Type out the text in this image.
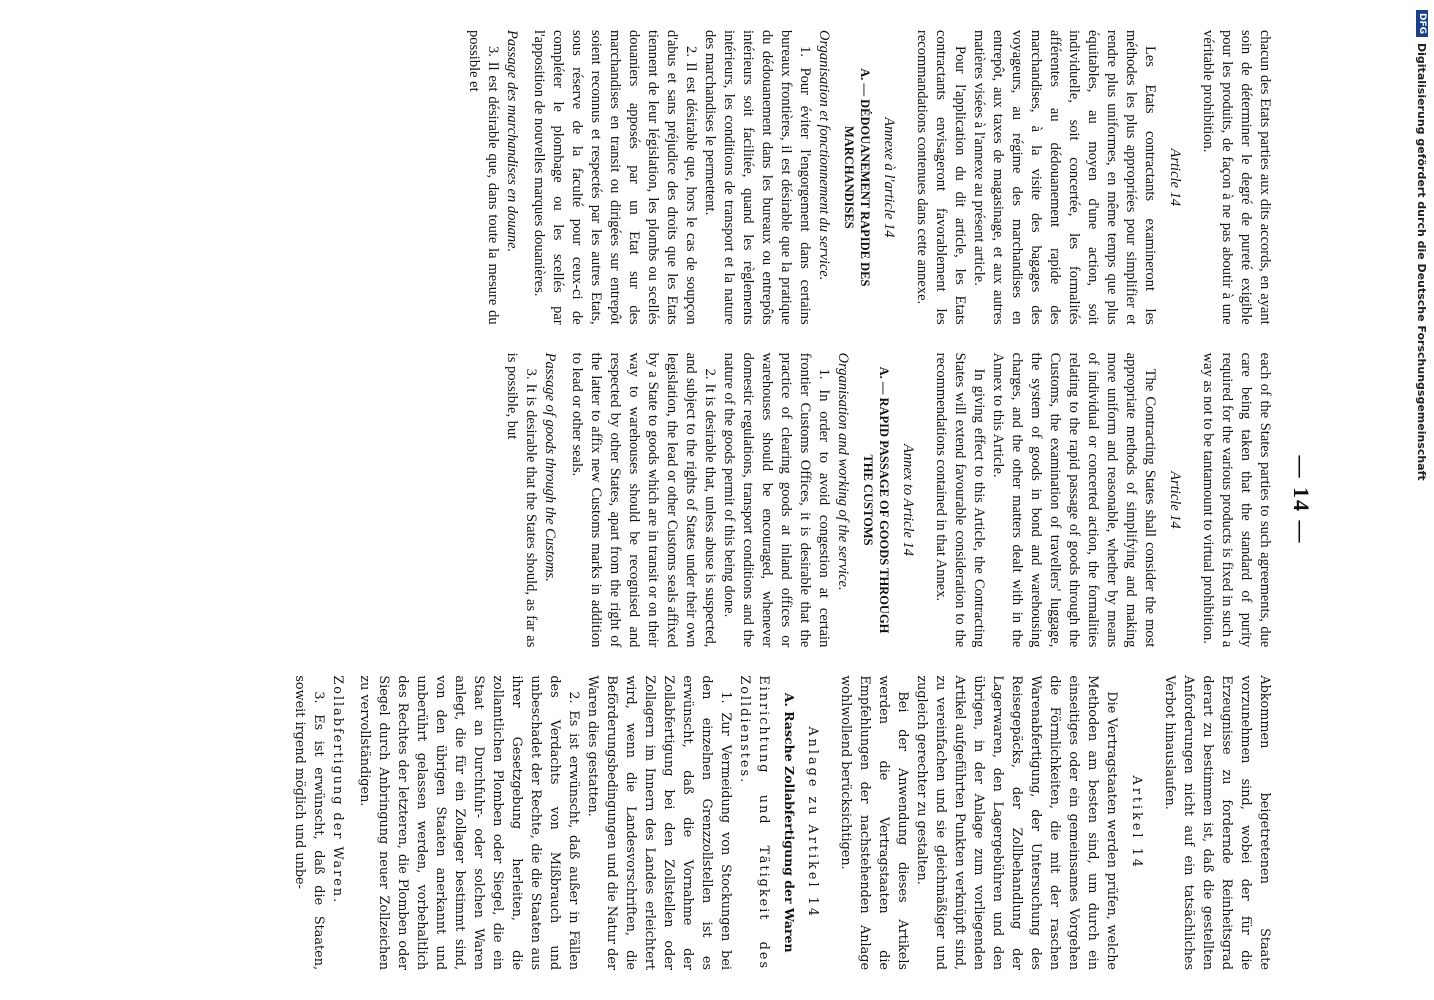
DFG
Digitalisierung gefördert durch die Deutsche Forschungsgemeinschaft
— 14 —

chacun des Etats parties aux dits accords, en ayant soin de déterminer le degré de pureté exigible pour les produits, de façon à ne pas aboutir à une véritable prohibition.

Article 14

Les Etats contractants examineront les méthodes les plus appropriées pour simplifier et rendre plus uniformes, en même temps que plus équitables, au moyen d'une action, soit individuelle, soit concertée, les formalités afférentes au dédouanement rapide des marchandises, à la visite des bagages des voyageurs, au régime des marchandises en entrepôt, aux taxes de magasinage, et aux autres matières visées à l'annexe au présent article.

Pour l'application du dit article, les Etats contractants envisageront favorablement les recommandations contenues dans cette annexe.

Annexe à l'article 14
A. — DÉDOUANEMENT RAPIDE DES MARCHANDISES

Organisation et fonctionnement du service.

1. Pour éviter l'engorgement dans certains bureaux frontières, il est désirable que la pratique du dédouanement dans les bureaux ou entrepôts intérieurs soit facilitée, quand les règlements intérieurs, les conditions de transport et la nature des marchandises le permettent.

2. Il est désirable que, hors le cas de soupçon d'abus et sans préjudice des droits que les Etats tiennent de leur législation, les plombs ou scellés douaniers apposés par un Etat sur des marchandises en transit ou dirigées sur entrepôt soient reconnus et respectés par les autres Etats, sous réserve de la faculté pour ceux-ci de compléter le plombage ou les scellés par l'apposition de nouvelles marques douanières.

Passage des marchandises en douane.

3. Il est désirable que, dans toute la mesure du possible et

each of the States parties to such agreements, due care being taken that the standard of purity required for the various products is fixed in such a way as not to be tantamount to virtual prohibition.

Article 14

The Contracting States shall consider the most appropriate methods of simplifying and making more uniform and reasonable, whether by means of individual or concerted action, the formalities relating to the rapid passage of goods through the Customs, the examination of travellers' luggage, the system of goods in bond and warehousing charges, and the other matters dealt with in the Annex to this Article.

In giving effect to this Article, the Contracting States will extend favourable consideration to the recommendations contained in that Annex.

Annex to Article 14
A. — RAPID PASSAGE OF GOODS THROUGH THE CUSTOMS

Organisation and working of the service.

1. In order to avoid congestion at certain frontier Customs Offices, it is desirable that the practice of clearing goods at inland offices or warehouses should be encouraged, whenever domestic regulations, transport conditions and the nature of the goods permit of this being done.

2. It is desirable that, unless abuse is suspected, and subject to the rights of States under their own legislation, the lead or other Customs seals affixed by a State to goods which are in transit or on their way to warehouses should be recognised and respected by other States, apart from the right of the latter to affix new Customs marks in addition to lead or other seals.

Passage of goods through the Customs.

3. It is desirable that the States should, as far as is possible, but

Abkommen beigetretenen Staate vorzunehmen sind, wobei der für die Erzeugnisse zu fordernde Reinheitsgrad derart zu bestimmen ist, daß die gestellten Anforderungen nicht auf ein tatsächliches Verbot hinauslaufen.

Artikel 14

Die Vertragstaaten werden prüfen, welche Methoden am besten sind, um durch ein einseitiges oder ein gemeinsames Vorgehen die Förmlichkeiten, die mit der raschen Warenabfertigung, der Untersuchung des Reisegepäcks, der Zollbehandlung der Lagerwaren, den Lagergebühren und den übrigen, in der Anlage zum vorliegenden Artikel aufgeführten Punkten verknüpft sind, zu vereinfachen und sie gleichmäßiger und zugleich gerechter zu gestalten.

Bei der Anwendung dieses Artikels werden die Vertragstaaten die Empfehlungen der nachstehenden Anlage wohlwollend berücksichtigen.

Anlage zu Artikel 14
A. Rasche Zollabfertigung der Waren

Einrichtung und Tätigkeit des Zolldienstes.

1. Zur Vermeidung von Stockungen bei den einzelnen Grenzzollstellen ist es erwünscht, daß die Vornahme der Zollabfertigung bei den Zollstellen oder Zollagern im Innern des Landes erleichtert wird, wenn die Landesvorschriften, die Beförderungsbedingungen und die Natur der Waren dies gestatten.

2. Es ist erwünscht, daß außer in Fällen des Verdachts von Mißbrauch und unbeschadet der Rechte, die die Staaten aus ihrer Gesetzgebung herleiten, die zollamtlichen Plomben oder Siegel, die ein Staat an Durchfuhr- oder solchen Waren anlegt, die für ein Zollager bestimmt sind, von den übrigen Staaten anerkannt und unberührt gelassen werden, vorbehaltlich des Rechtes der letzteren, die Plomben oder Siegel durch Anbringung neuer Zollzeichen zu vervollständigen.

Zollabfertigung der Waren.

3. Es ist erwünscht, daß die Staaten, soweit irgend möglich und unbe-
